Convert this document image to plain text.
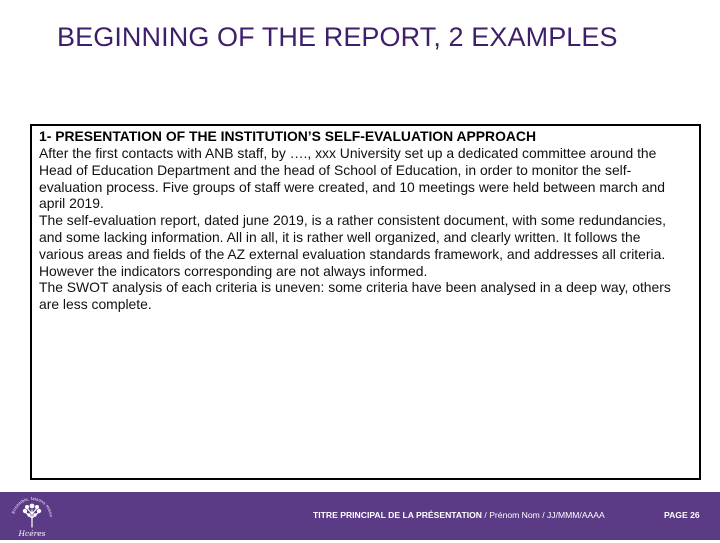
BEGINNING OF THE REPORT, 2 EXAMPLES
1- PRESENTATION OF THE INSTITUTION’S SELF-EVALUATION APPROACH

After the first contacts with ANB staff, by …., xxx University set up a dedicated committee around the Head of Education Department and the head of School of Education, in order to monitor the self-evaluation process. Five groups of staff were created, and 10 meetings were held between march and april 2019.

The self-evaluation report, dated june 2019, is a rather consistent document, with some redundancies, and some lacking information. All in all, it is rather well organized, and clearly written. It follows the various areas and fields of the AZ external evaluation standards framework, and addresses all criteria. However the indicators corresponding are not always informed.

The SWOT analysis of each criteria is uneven: some criteria have been analysed in a deep way, others are less complete.

Ensemble, faisons mieux
Hcéres
TITRE PRINCIPAL DE LA PRÉSENTATION / Prénom Nom / JJ/MMM/AAAA	PAGE 26
